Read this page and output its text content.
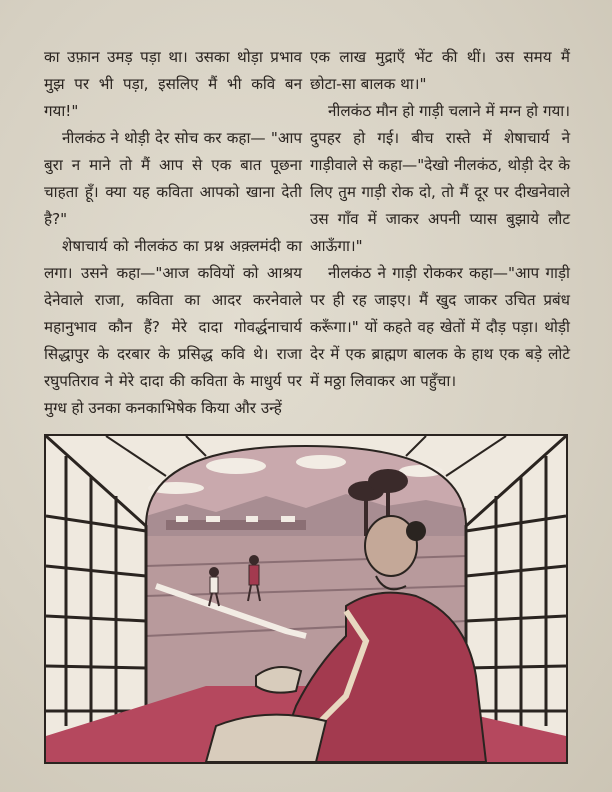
का उफ़ान उमड़ पड़ा था। उसका थोड़ा प्रभाव मुझ पर भी पड़ा, इसलिए मैं भी कवि बन गया!"

नीलकंठ ने थोड़ी देर सोच कर कहा— "आप बुरा न माने तो मैं आप से एक बात पूछना चाहता हूँ। क्या यह कविता आपको खाना देती है?"

शेषाचार्य को नीलकंठ का प्रश्न अक़्लमंदी का लगा। उसने कहा—"आज कवियों को आश्रय देनेवाले राजा, कविता का आदर करनेवाले महानुभाव कौन हैं? मेरे दादा गोवर्द्धनाचार्य सिद्धापुर के दरबार के प्रसिद्ध कवि थे। राजा रघुपतिराव ने मेरे दादा की कविता के माधुर्य पर मुग्ध हो उनका कनकाभिषेक किया और उन्हें

एक लाख मुद्राएँ भेंट की थीं। उस समय मैं छोटा-सा बालक था।"

नीलकंठ मौन हो गाड़ी चलाने में मग्न हो गया। दुपहर हो गई। बीच रास्ते में शेषाचार्य ने गाड़ीवाले से कहा—"देखो नीलकंठ, थोड़ी देर के लिए तुम गाड़ी रोक दो, तो मैं दूर पर दीखनेवाले उस गाँव में जाकर अपनी प्यास बुझाये लौट आऊँगा।"

नीलकंठ ने गाड़ी रोककर कहा—"आप गाड़ी पर ही रह जाइए। मैं खुद जाकर उचित प्रबंध करूँगा।" यों कहते वह खेतों में दौड़ पड़ा। थोड़ी देर में एक ब्राह्मण बालक के हाथ एक बड़े लोटे में मठ्ठा लिवाकर आ पहुँचा।
